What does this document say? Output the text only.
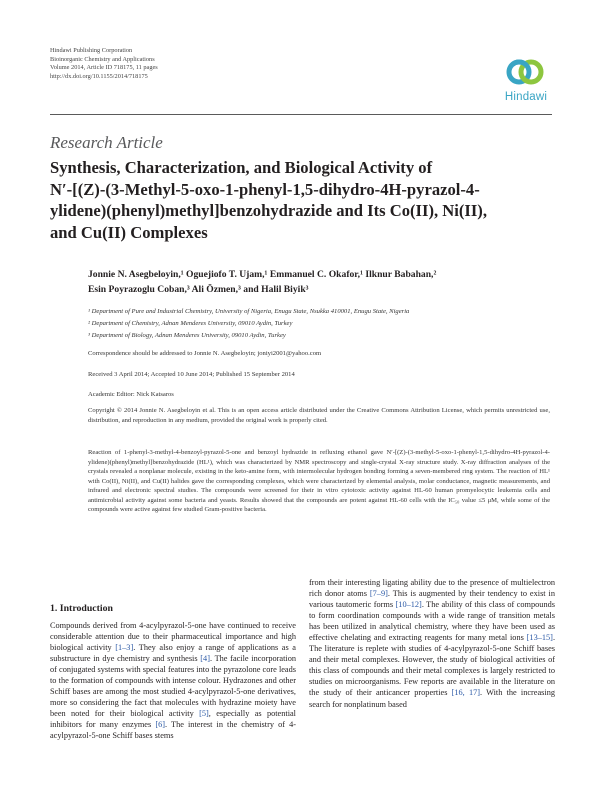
Hindawi Publishing Corporation
Bioinorganic Chemistry and Applications
Volume 2014, Article ID 718175, 11 pages
http://dx.doi.org/10.1155/2014/718175
Hindawi
Research Article
Synthesis, Characterization, and Biological Activity of
N′-[(Z)-(3-Methyl-5-oxo-1-phenyl-1,5-dihydro-4H-pyrazol-4-
ylidene)(phenyl)methyl]benzohydrazide and Its Co(II), Ni(II),
and Cu(II) Complexes
Jonnie N. Asegbeloyin,¹ Oguejiofo T. Ujam,¹ Emmanuel C. Okafor,¹ Ilknur Babahan,²
Esin Poyrazoglu Coban,³ Ali Özmen,³ and Halil Biyik³
¹ Department of Pure and Industrial Chemistry, University of Nigeria, Enugu State, Nsukka 410001, Enugu State, Nigeria
² Department of Chemistry, Adnan Menderes University, 09010 Aydin, Turkey
³ Department of Biology, Adnan Menderes University, 09010 Aydin, Turkey
Correspondence should be addressed to Jonnie N. Asegbeloyin; joniyi2001@yahoo.com
Received 3 April 2014; Accepted 10 June 2014; Published 15 September 2014
Academic Editor: Nick Katsaros
Copyright © 2014 Jonnie N. Asegbeloyin et al. This is an open access article distributed under the Creative Commons Attribution License, which permits unrestricted use, distribution, and reproduction in any medium, provided the original work is properly cited.
Reaction of 1-phenyl-3-methyl-4-benzoyl-pyrazol-5-one and benzoyl hydrazide in refluxing ethanol gave N′-[(Z)-(3-methyl-5-oxo-1-phenyl-1,5-dihydro-4H-pyrazol-4-ylidene)(phenyl)methyl]benzohydrazide (HL¹), which was characterized by NMR spectroscopy and single-crystal X-ray structure study. X-ray diffraction analyses of the crystals revealed a nonplanar molecule, existing in the keto-amine form, with intermolecular hydrogen bonding forming a seven-membered ring system. The reaction of HL¹ with Co(II), Ni(II), and Cu(II) halides gave the corresponding complexes, which were characterized by elemental analysis, molar conductance, magnetic measurements, and infrared and electronic spectral studies. The compounds were screened for their in vitro cytotoxic activity against HL-60 human promyelocytic leukemia cells and antimicrobial activity against some bacteria and yeasts. Results showed that the compounds are potent against HL-60 cells with the IC₅₀ value ≤5 μM, while some of the compounds were active against few studied Gram-positive bacteria.
1. Introduction
Compounds derived from 4-acylpyrazol-5-one have continued to receive considerable attention due to their pharmaceutical importance and high biological activity [1–3]. They also enjoy a range of applications as a substructure in dye chemistry and synthesis [4]. The facile incorporation of conjugated systems with special features into the pyrazolone core leads to the formation of compounds with intense colour. Hydrazones and other Schiff bases are among the most studied 4-acylpyrazol-5-one derivatives, more so considering the fact that molecules with hydrazine moiety have been noted for their biological activity [5], especially as potential inhibitors for many enzymes [6]. The interest in the chemistry of 4-acylpyrazol-5-one Schiff bases stems
from their interesting ligating ability due to the presence of multielectron rich donor atoms [7–9]. This is augmented by their tendency to exist in various tautomeric forms [10–12]. The ability of this class of compounds to form coordination compounds with a wide range of transition metals has been utilized in analytical chemistry, where they have been used as effective chelating and extracting reagents for many metal ions [13–15]. The literature is replete with studies of 4-acylpyrazol-5-one Schiff bases and their metal complexes. However, the study of biological activities of this class of compounds and their metal complexes is largely restricted to studies on microorganisms. Few reports are available in the literature on the study of their anticancer properties [16, 17]. With the increasing search for nonplatinum based
